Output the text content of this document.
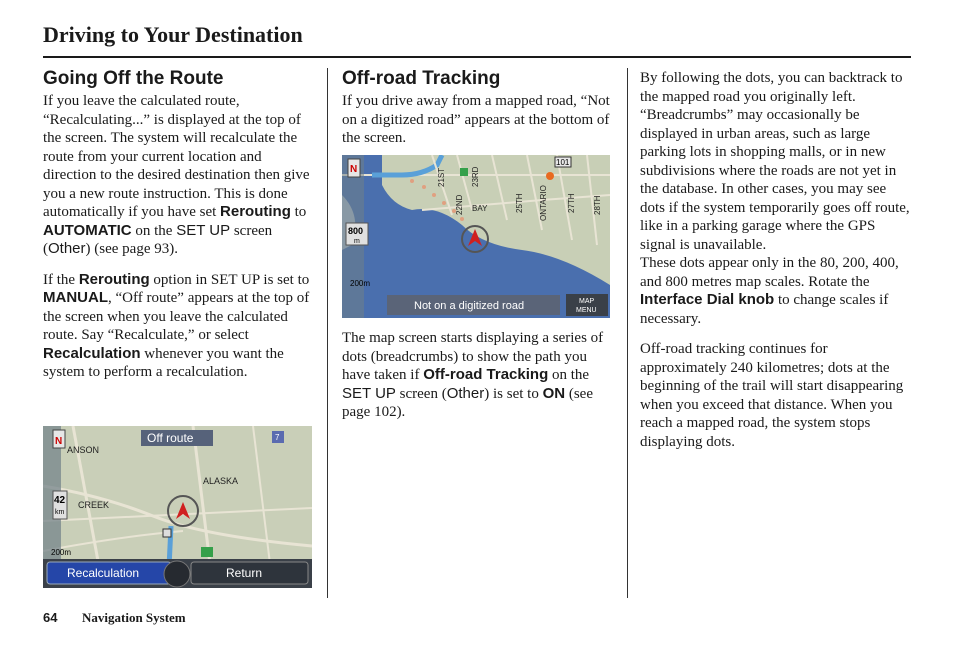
Driving to Your Destination
Going Off the Route

If you leave the calculated route, “Recalculating...” is displayed at the top of the screen. The system will recalculate the route from your current location and direction to the desired destination then give you a new route instruction. This is done automatically if you have set Rerouting to AUTOMATIC on the SET UP screen (Other) (see page 93).

If the Rerouting option in SET UP is set to MANUAL, “Off route” appears at the top of the screen when you leave the calculated route. Say “Recalculate,” or select Recalculation whenever you want the system to perform a recalculation.

N
ANSON
ALASKA
CREEK
Off route	7
42
km
200m
Recalculation	Return
Off-road Tracking

If you drive away from a mapped road, “Not on a digitized road” appears at the bottom of the screen.

N
800
m
101
21ST
22ND
23RD
BAY	25TH ONTARIO 27TH 28TH
200m
Not on a digitized road	MAP
MENU

The map screen starts displaying a series of dots (breadcrumbs) to show the path you have taken if Off-road Tracking on the SET UP screen (Other) is set to ON (see page 102).

By following the dots, you can backtrack to the mapped road you originally left. “Breadcrumbs” may occasionally be displayed in urban areas, such as large parking lots in shopping malls, or in new subdivisions where the roads are not yet in the database. In other cases, you may see dots if the system temporarily goes off route, like in a parking garage where the GPS signal is unavailable.

These dots appear only in the 80, 200, 400, and 800 metres map scales. Rotate the Interface Dial knob to change scales if necessary.

Off-road tracking continues for approximately 240 kilometres; dots at the beginning of the trail will start disappearing when you exceed that distance. When you reach a mapped road, the system stops displaying dots.

64 Navigation System
